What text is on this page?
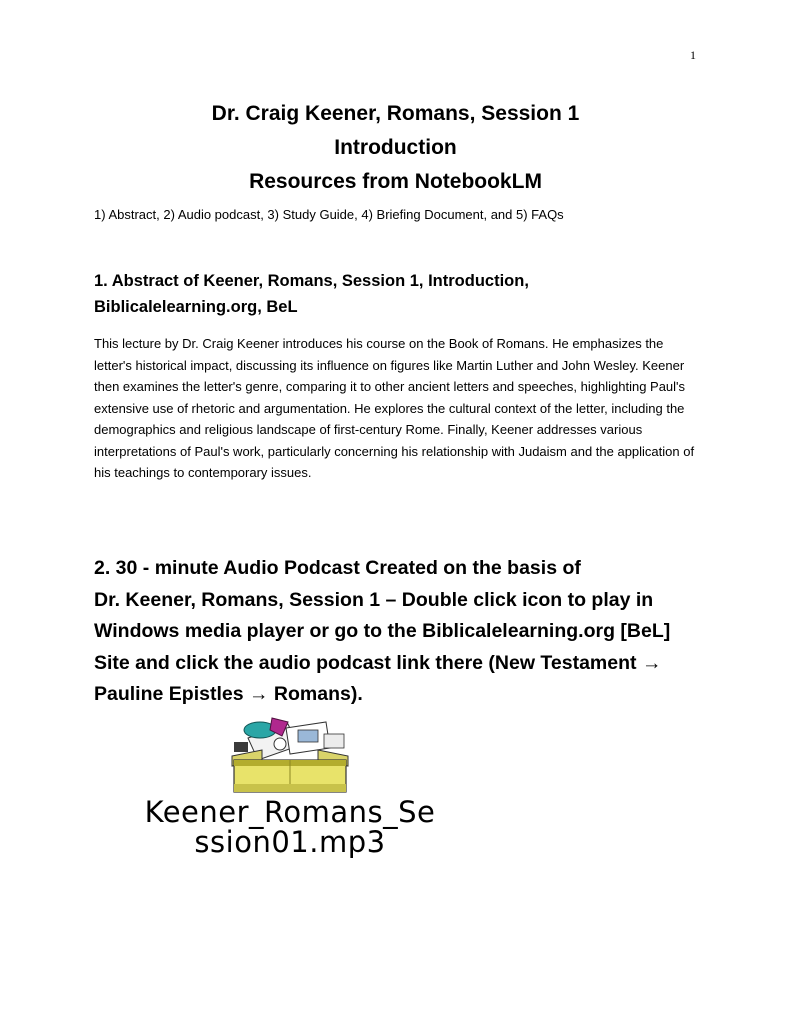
1
Dr. Craig Keener, Romans, Session 1
Introduction
Resources from NotebookLM
1) Abstract, 2) Audio podcast, 3) Study Guide, 4) Briefing Document, and 5) FAQs
1. Abstract of Keener, Romans, Session 1, Introduction,
Biblicalelearning.org, BeL
This lecture by Dr. Craig Keener introduces his course on the Book of Romans. He emphasizes the letter's historical impact, discussing its influence on figures like Martin Luther and John Wesley. Keener then examines the letter's genre, comparing it to other ancient letters and speeches, highlighting Paul's extensive use of rhetoric and argumentation. He explores the cultural context of the letter, including the demographics and religious landscape of first-century Rome. Finally, Keener addresses various interpretations of Paul's work, particularly concerning his relationship with Judaism and the application of his teachings to contemporary issues.
2. 30 - minute Audio Podcast Created on the basis of
Dr. Keener, Romans, Session 1 – Double click icon to play in
Windows media player or go to the Biblicalelearning.org [BeL]
Site and click the audio podcast link there (New Testament →
Pauline Epistles → Romans).
Keener_Romans_Se
ssion01.mp3
